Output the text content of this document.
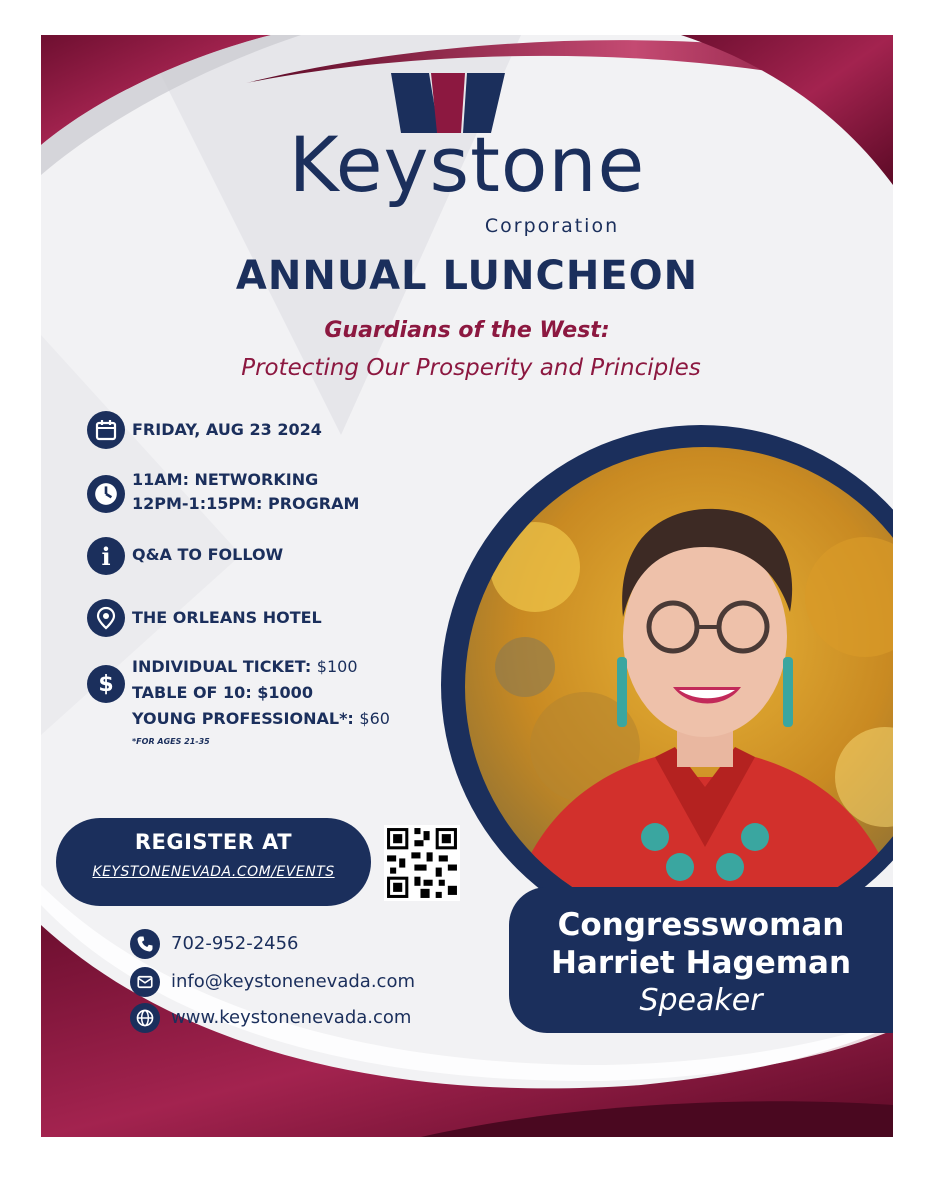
Keystone
Corporation
ANNUAL LUNCHEON
Guardians of the West:
Protecting Our Prosperity and Principles
FRIDAY, AUG 23 2024
11AM: NETWORKING
12PM-1:15PM: PROGRAM
i	Q&A TO FOLLOW
THE ORLEANS HOTEL
$
INDIVIDUAL TICKET: $100
TABLE OF 10: $1000
YOUNG PROFESSIONAL*: $60
*FOR AGES 21-35
REGISTER AT
KEYSTONENEVADA.COM/EVENTS
702-952-2456
info@keystonenevada.com
www.keystonenevada.com
Congresswoman
Harriet Hageman
Speaker
